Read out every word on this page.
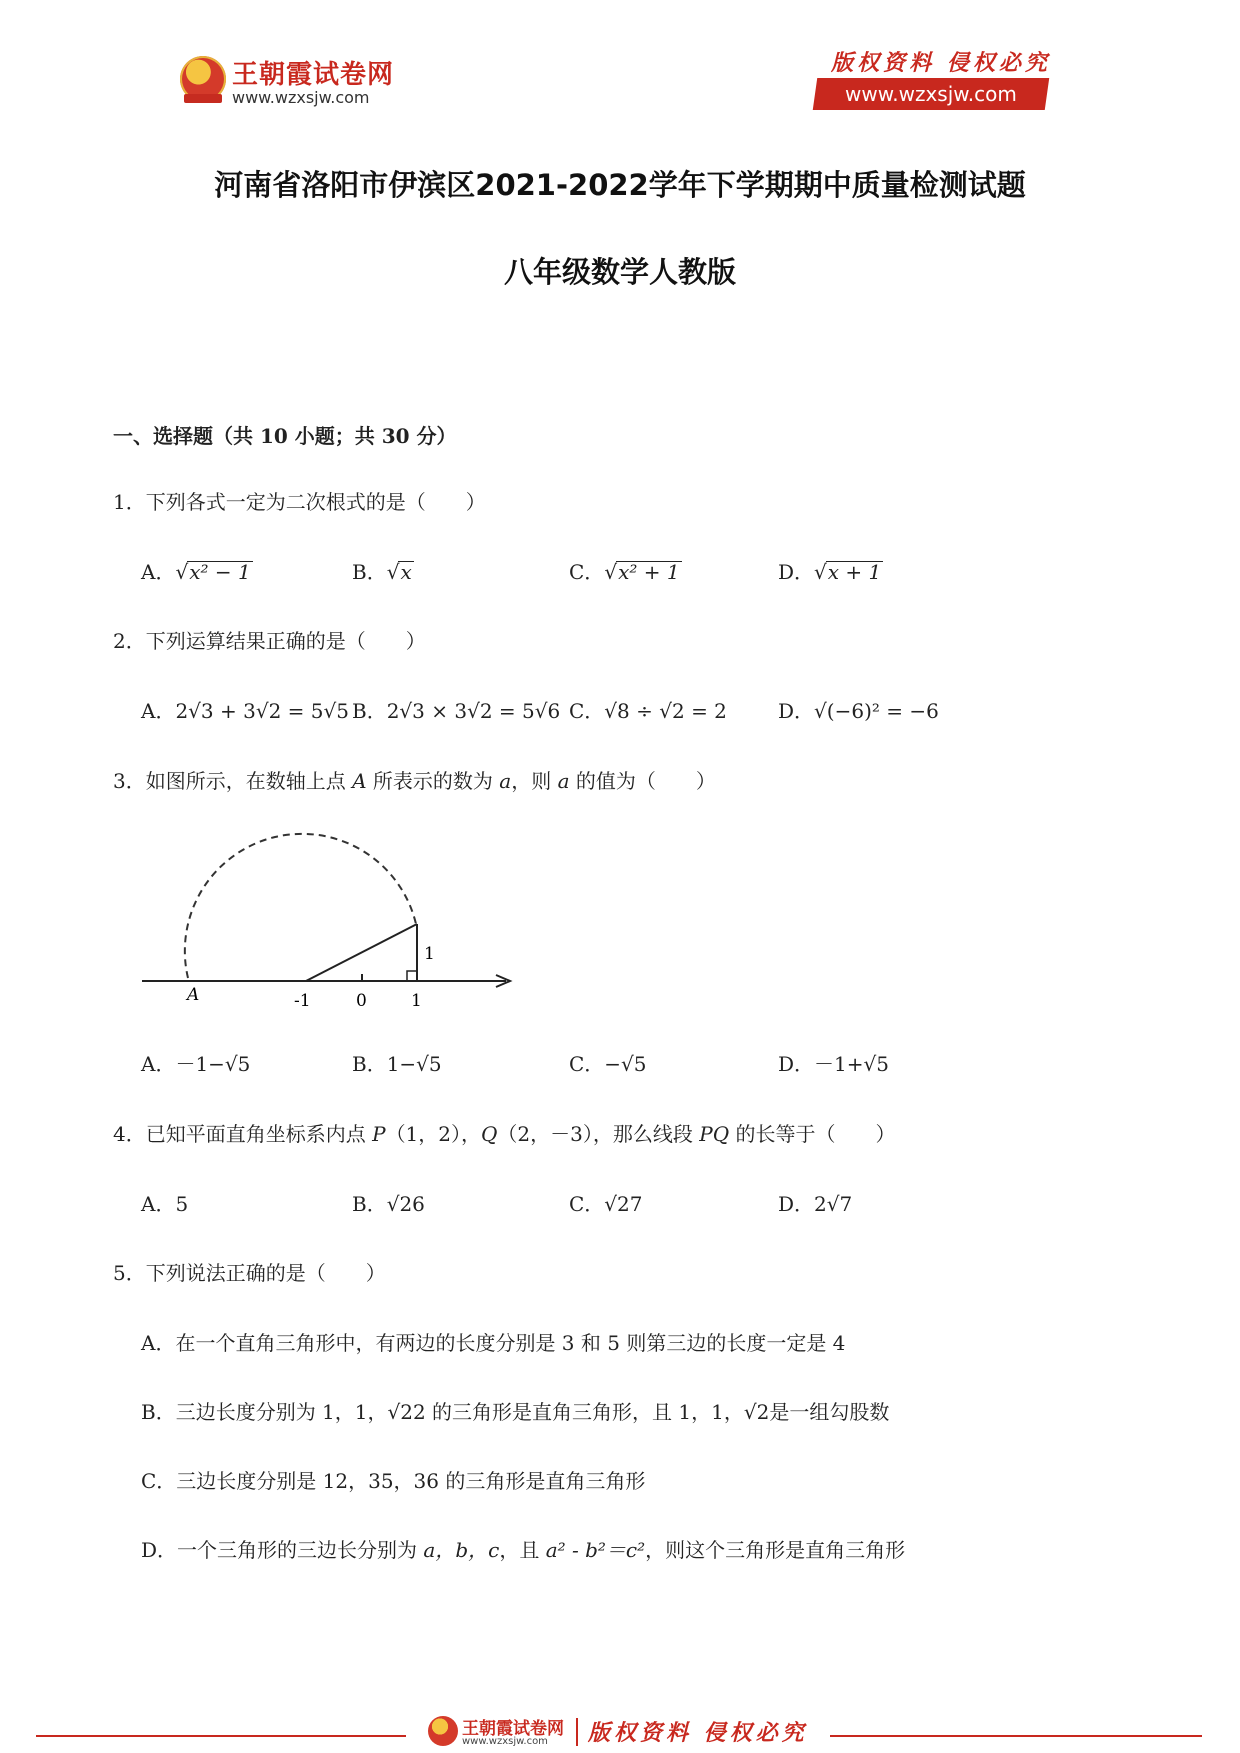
王朝霞试卷网
www.wzxsjw.com
版权资料 侵权必究
www.wzxsjw.com
河南省洛阳市伊滨区2021-2022学年下学期期中质量检测试题
八年级数学人教版
一、选择题（共 10 小题；共 30 分）
1．下列各式一定为二次根式的是（　　）
A．√x² − 1	B．√x	C．√x² + 1	D．√x + 1
2．下列运算结果正确的是（　　）
A．2√3 + 3√2 = 5√5 B．2√3 × 3√2 = 5√6 C．√8 ÷ √2 = 2	D．√(−6)² = −6
3．如图所示，在数轴上点 A 所表示的数为 a，则 a 的值为（　　）
A	-1	0	1
1
A．－1−√5	B．1−√5	C．−√5	D．－1+√5
4．已知平面直角坐标系内点 P（1，2），Q（2，－3），那么线段 PQ 的长等于（　　）
A．5	B．√26	C．√27	D．2√7
5．下列说法正确的是（　　）
A．在一个直角三角形中，有两边的长度分别是 3 和 5 则第三边的长度一定是 4
B．三边长度分别为 1，1，√22 的三角形是直角三角形，且 1，1，√2是一组勾股数
C．三边长度分别是 12，35，36 的三角形是直角三角形
D．一个三角形的三边长分别为 a，b，c，且 a² - b²＝c²，则这个三角形是直角三角形
王朝霞试卷网
www.wzxsjw.com 版权资料 侵权必究
